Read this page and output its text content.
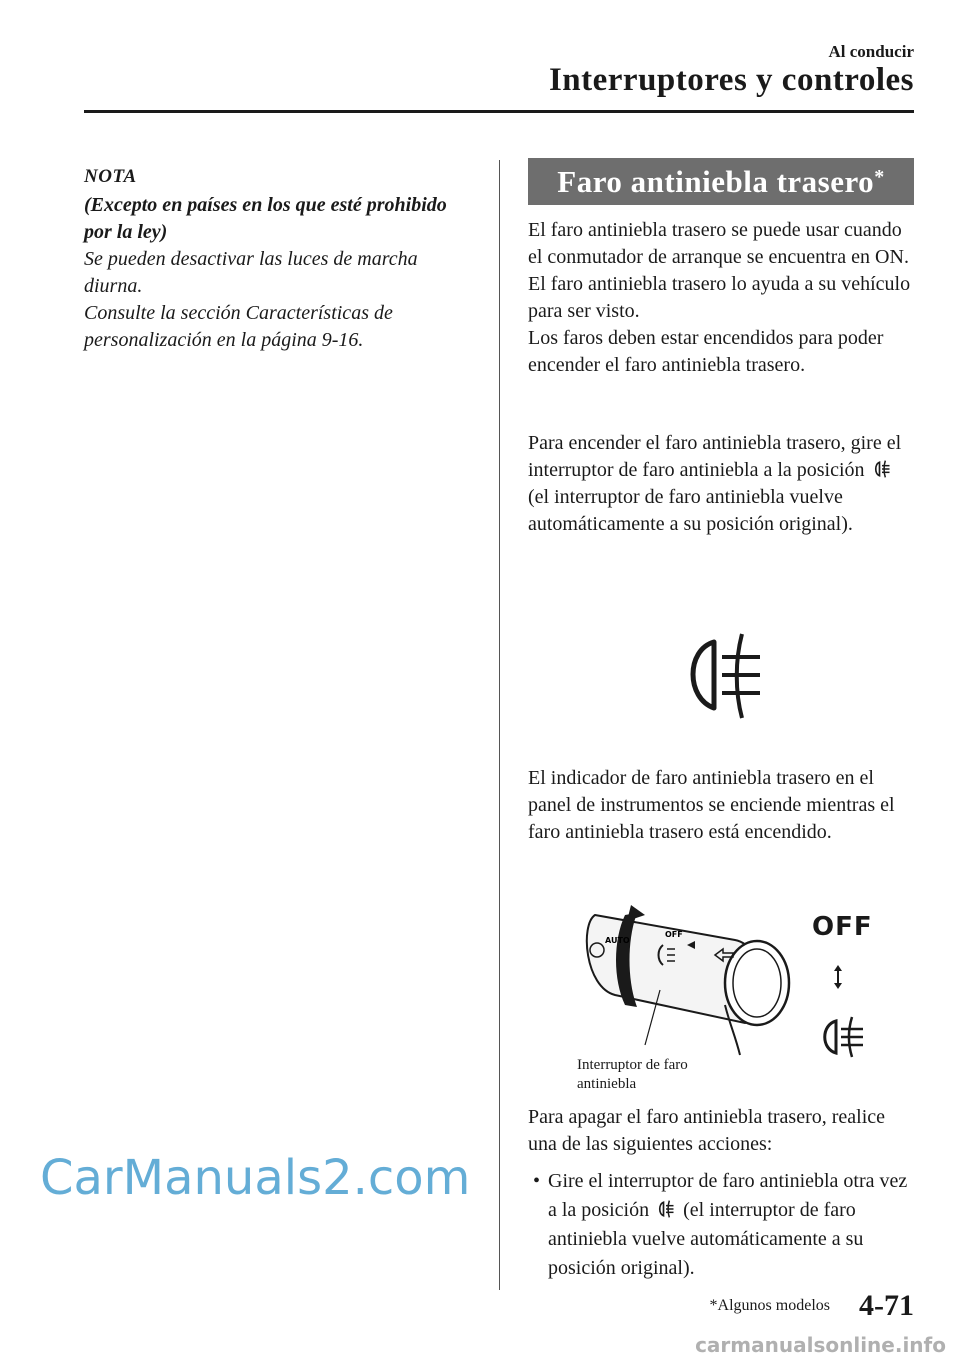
Al conducir
Interruptores y controles
NOTA
(Excepto en países en los que esté prohibido por la ley)
Se pueden desactivar las luces de marcha diurna.
Consulte la sección Características de personalización en la página 9-16.
Faro antiniebla trasero*

El faro antiniebla trasero se puede usar cuando el conmutador de arranque se encuentra en ON.

El faro antiniebla trasero lo ayuda a su vehículo para ser visto.

Los faros deben estar encendidos para poder encender el faro antiniebla trasero.

Para encender el faro antiniebla trasero, gire el interruptor de faro antiniebla a la posición  (el interruptor de faro antiniebla vuelve automáticamente a su posición original).
El indicador de faro antiniebla trasero en el panel de instrumentos se enciende mientras el faro antiniebla trasero está encendido.
AUTO
OFF
Interruptor de faro antiniebla
OFF
Para apagar el faro antiniebla trasero, realice una de las siguientes acciones:
• Gire el interruptor de faro antiniebla otra vez a la posición (el interruptor de faro antiniebla vuelve automáticamente a su posición original).
CarManuals2.com
*Algunos modelos 4-71
carmanualsonline.info
